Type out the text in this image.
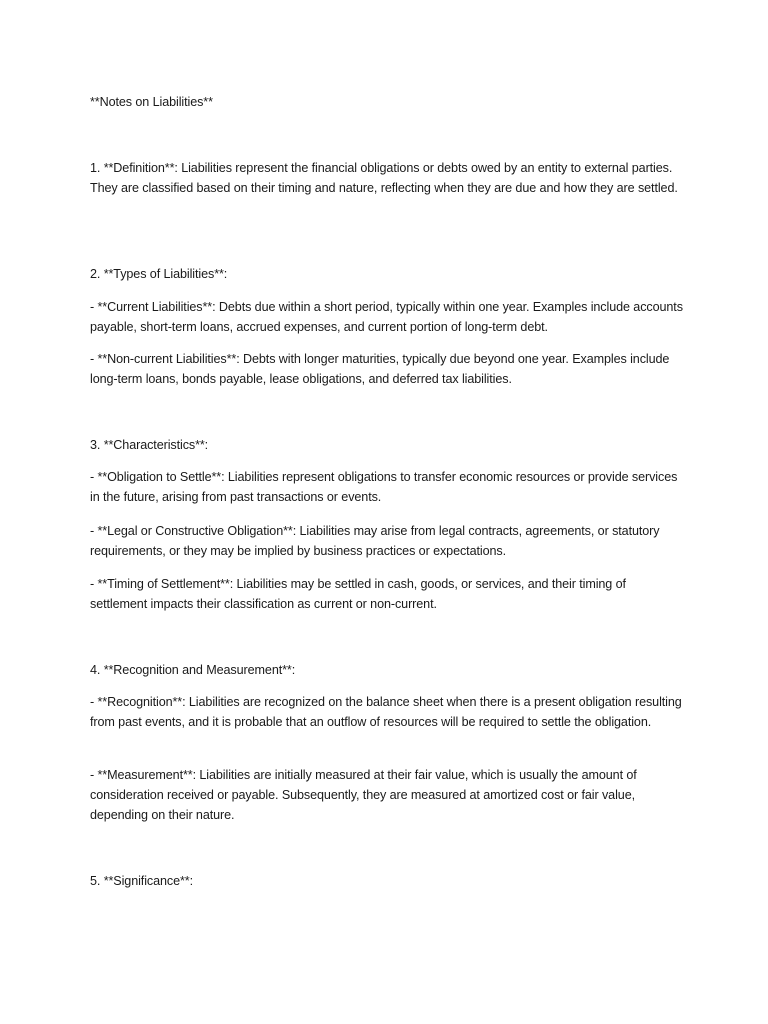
**Notes on Liabilities**
1. **Definition**: Liabilities represent the financial obligations or debts owed by an entity to external parties. They are classified based on their timing and nature, reflecting when they are due and how they are settled.
2. **Types of Liabilities**:
- **Current Liabilities**: Debts due within a short period, typically within one year. Examples include accounts payable, short-term loans, accrued expenses, and current portion of long-term debt.
- **Non-current Liabilities**: Debts with longer maturities, typically due beyond one year. Examples include long-term loans, bonds payable, lease obligations, and deferred tax liabilities.
3. **Characteristics**:
- **Obligation to Settle**: Liabilities represent obligations to transfer economic resources or provide services in the future, arising from past transactions or events.
- **Legal or Constructive Obligation**: Liabilities may arise from legal contracts, agreements, or statutory requirements, or they may be implied by business practices or expectations.
- **Timing of Settlement**: Liabilities may be settled in cash, goods, or services, and their timing of settlement impacts their classification as current or non-current.
4. **Recognition and Measurement**:
- **Recognition**: Liabilities are recognized on the balance sheet when there is a present obligation resulting from past events, and it is probable that an outflow of resources will be required to settle the obligation.
- **Measurement**: Liabilities are initially measured at their fair value, which is usually the amount of consideration received or payable. Subsequently, they are measured at amortized cost or fair value, depending on their nature.
5. **Significance**:
